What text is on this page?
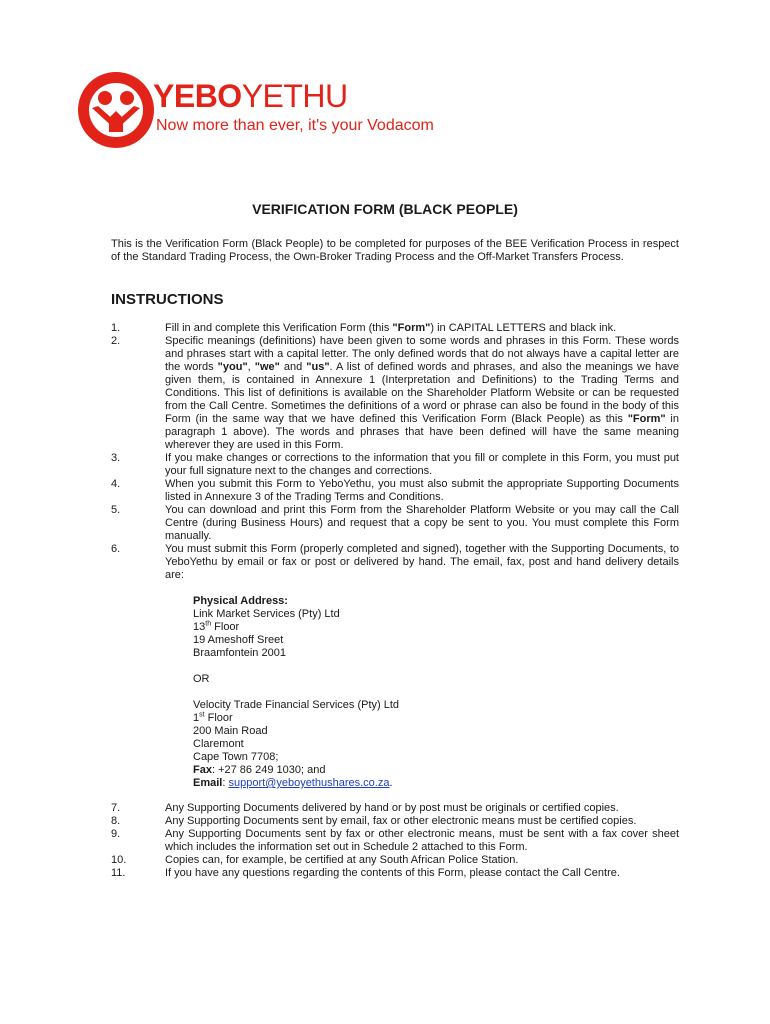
YEBOYETHU
Now more than ever, it's your Vodacom
VERIFICATION FORM (BLACK PEOPLE)
This is the Verification Form (Black People) to be completed for purposes of the BEE Verification Process in respect of the Standard Trading Process, the Own-Broker Trading Process and the Off-Market Transfers Process.
INSTRUCTIONS
1.	Fill in and complete this Verification Form (this "Form") in CAPITAL LETTERS and black ink.
2.	Specific meanings (definitions) have been given to some words and phrases in this Form. These words and phrases start with a capital letter. The only defined words that do not always have a capital letter are the words "you", "we" and "us". A list of defined words and phrases, and also the meanings we have given them, is contained in Annexure 1 (Interpretation and Definitions) to the Trading Terms and Conditions. This list of definitions is available on the Shareholder Platform Website or can be requested from the Call Centre. Sometimes the definitions of a word or phrase can also be found in the body of this Form (in the same way that we have defined this Verification Form (Black People) as this "Form" in paragraph 1 above). The words and phrases that have been defined will have the same meaning wherever they are used in this Form.
3.	If you make changes or corrections to the information that you fill or complete in this Form, you must put your full signature next to the changes and corrections.
4.	When you submit this Form to YeboYethu, you must also submit the appropriate Supporting Documents listed in Annexure 3 of the Trading Terms and Conditions.
5.	You can download and print this Form from the Shareholder Platform Website or you may call the Call Centre (during Business Hours) and request that a copy be sent to you. You must complete this Form manually.
6.	You must submit this Form (properly completed and signed), together with the Supporting Documents, to YeboYethu by email or fax or post or delivered by hand. The email, fax, post and hand delivery details are:
Physical Address:
Link Market Services (Pty) Ltd
13th Floor
19 Ameshoff Sreet
Braamfontein 2001
OR
Velocity Trade Financial Services (Pty) Ltd
1st Floor
200 Main Road
Claremont
Cape Town 7708;
Fax: +27 86 249 1030; and
Email: support@yeboyethushares.co.za.
7.	Any Supporting Documents delivered by hand or by post must be originals or certified copies.
8.	Any Supporting Documents sent by email, fax or other electronic means must be certified copies.
9.	Any Supporting Documents sent by fax or other electronic means, must be sent with a fax cover sheet which includes the information set out in Schedule 2 attached to this Form.
10.	Copies can, for example, be certified at any South African Police Station.
11.	If you have any questions regarding the contents of this Form, please contact the Call Centre.
